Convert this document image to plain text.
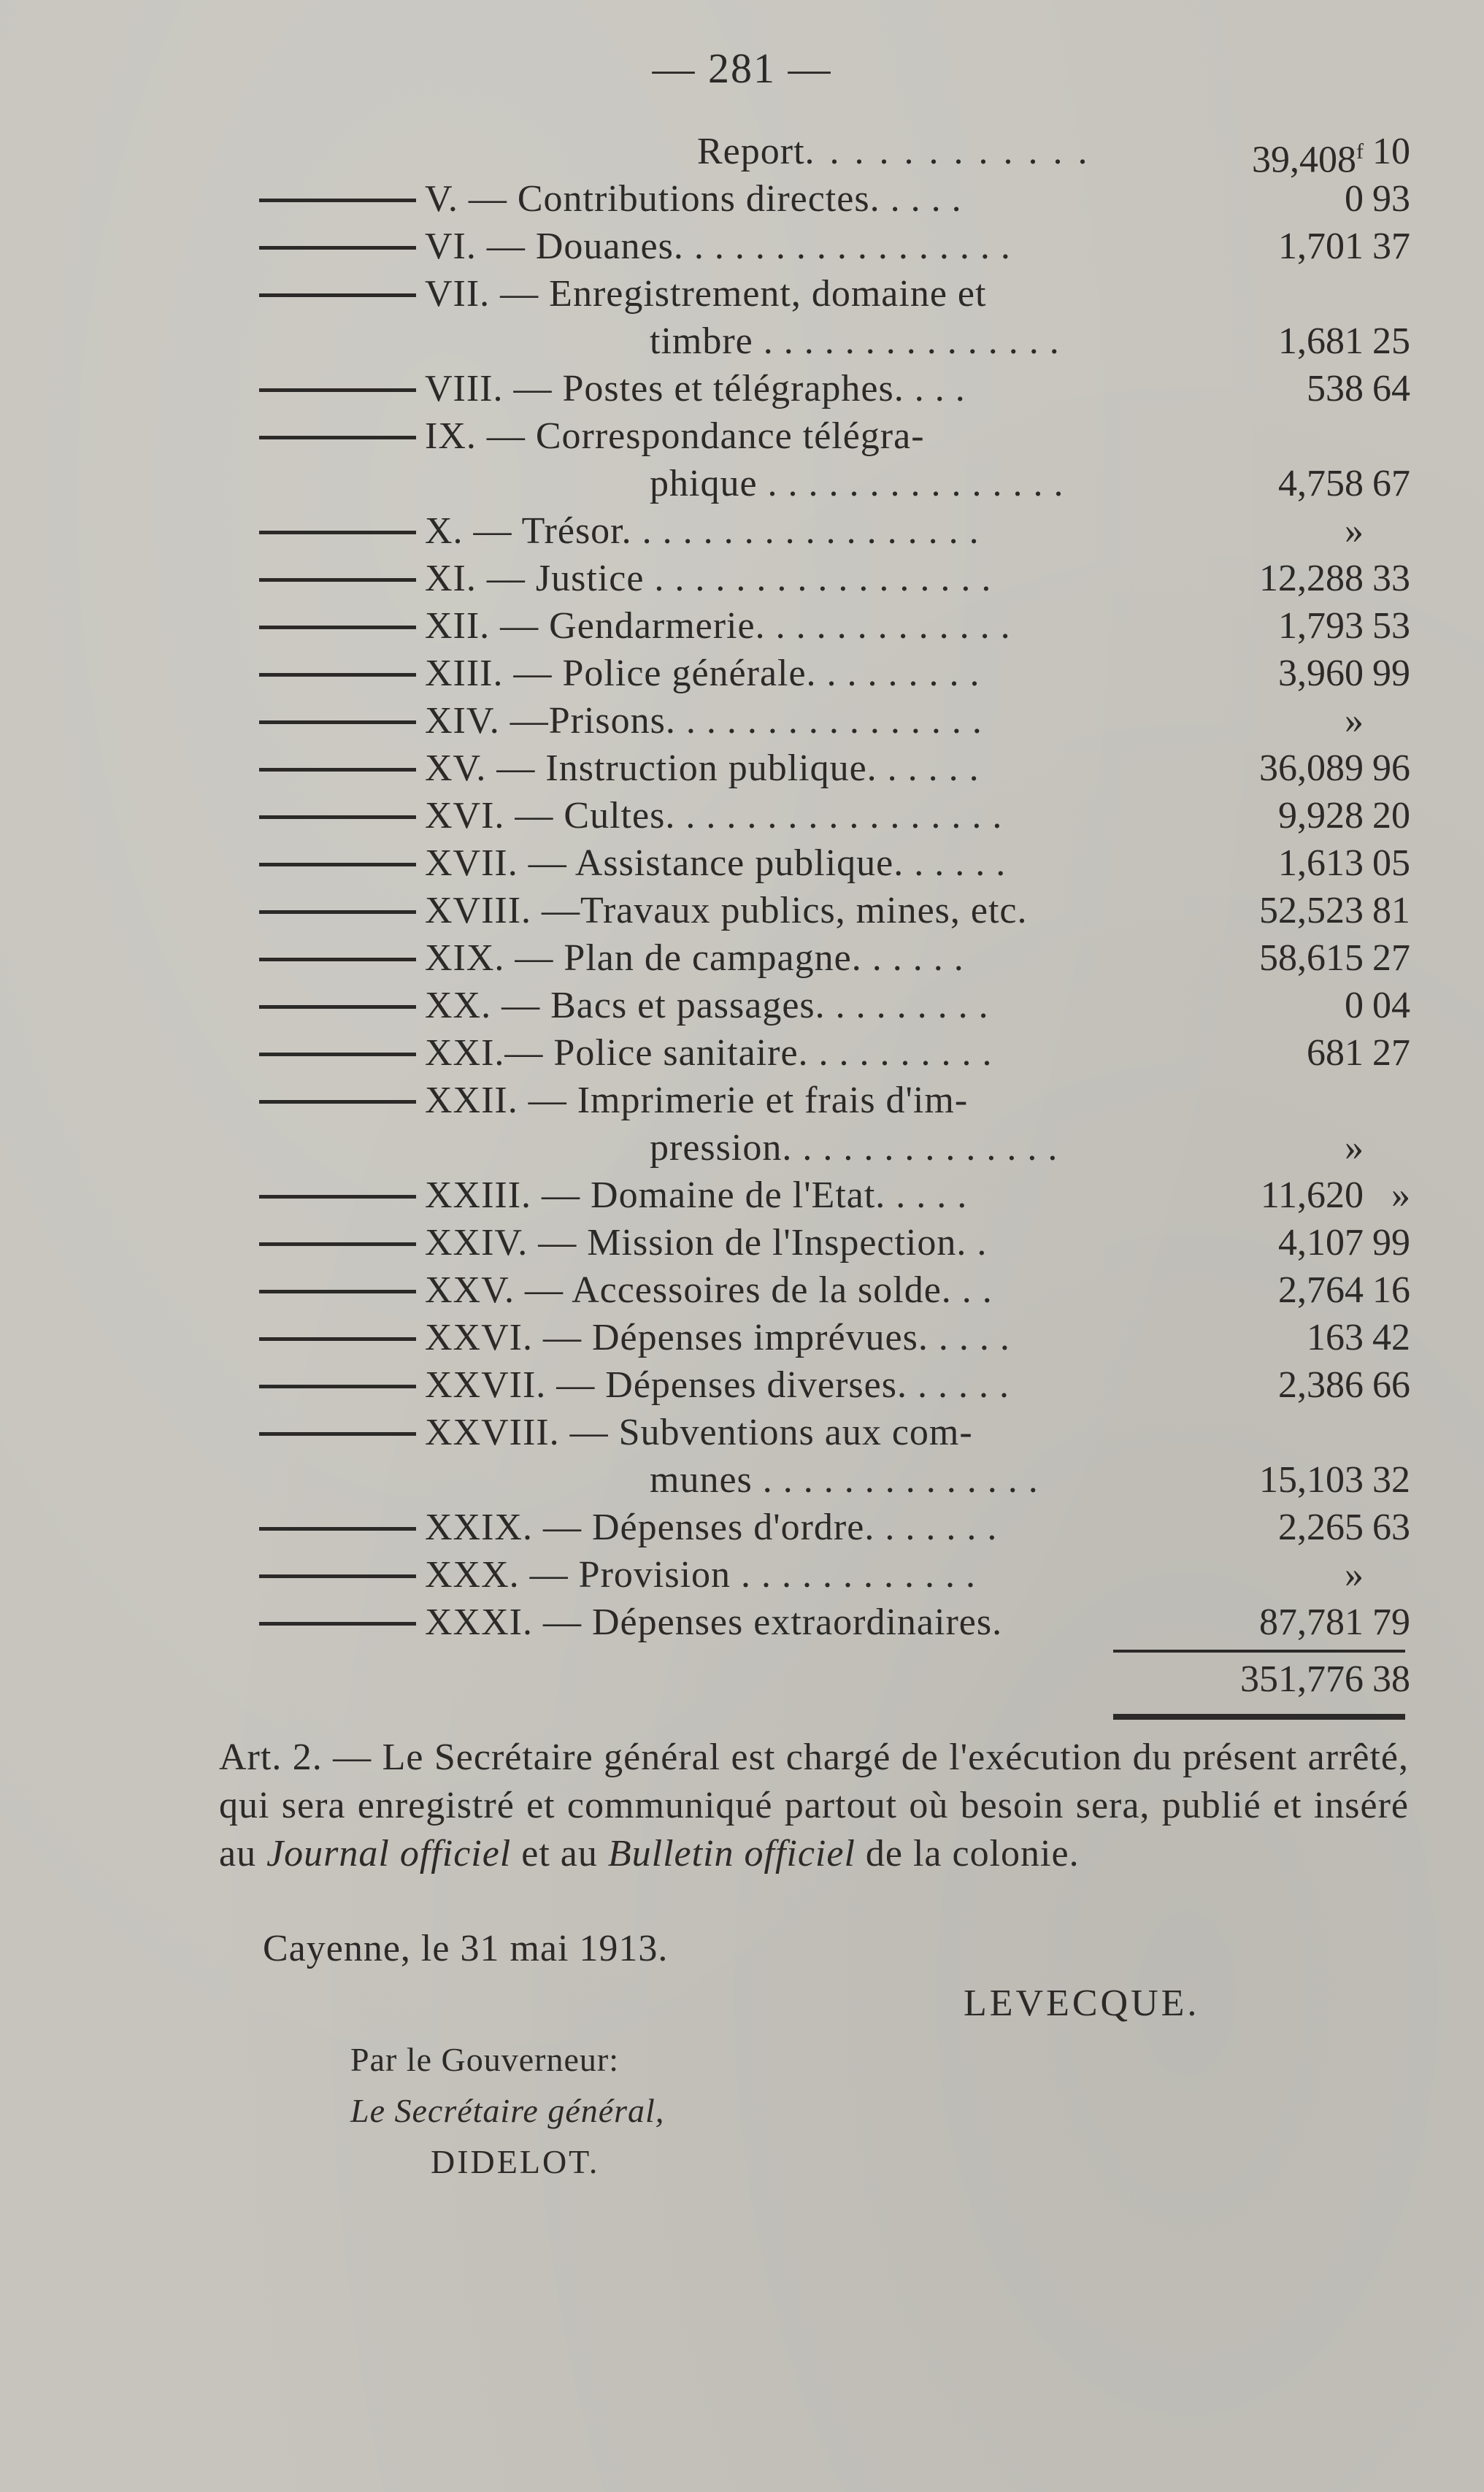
— 281 —
Report. . . . . . . . . . . .	39,408$^f$ 10
V. — Contributions directes. . . . .	0 93
VI. — Douanes. . . . . . . . . . . . . . . . .	1,701 37
VII. — Enregistrement, domaine et
timbre . . . . . . . . . . . . . . .	1,681 25
VIII. — Postes et télégraphes. . . .	538 64
IX. — Correspondance télégra-
phique . . . . . . . . . . . . . . .	4,758 67
X. — Trésor. . . . . . . . . . . . . . . . . .	»
XI. — Justice . . . . . . . . . . . . . . . . .	12,288 33
XII. — Gendarmerie. . . . . . . . . . . . .	1,793 53
XIII. — Police générale. . . . . . . . .	3,960 99
XIV. —Prisons. . . . . . . . . . . . . . . .	»
XV. — Instruction publique. . . . . .	36,089 96
XVI. — Cultes. . . . . . . . . . . . . . . . .	9,928 20
XVII. — Assistance publique. . . . . .	1,613 05
XVIII. —Travaux publics, mines, etc.	52,523 81
XIX. — Plan de campagne. . . . . .	58,615 27
XX. — Bacs et passages. . . . . . . . .	0 04
XXI.— Police sanitaire. . . . . . . . . .	681 27
XXII. — Imprimerie et frais d'im-
pression. . . . . . . . . . . . . .	»
XXIII. — Domaine de l'Etat. . . . .	11,620 »
XXIV. — Mission de l'Inspection. .	4,107 99
XXV. — Accessoires de la solde. . .	2,764 16
XXVI. — Dépenses imprévues. . . . .	163 42
XXVII. — Dépenses diverses. . . . . .	2,386 66
XXVIII. — Subventions aux com-
munes . . . . . . . . . . . . . .	15,103 32
XXIX. — Dépenses d'ordre. . . . . . .	2,265 63
XXX. — Provision . . . . . . . . . . . .	»
XXXI. — Dépenses extraordinaires.	87,781 79
351,776 38
Art. 2. — Le Secrétaire général est chargé de l'exécution du présent arrêté, qui sera enregistré et communiqué partout où besoin sera, publié et inséré au Journal officiel et au Bulletin officiel de la colonie.
Cayenne, le 31 mai 1913.
LEVECQUE.
Par le Gouverneur:
Le Secrétaire général,
DIDELOT.
